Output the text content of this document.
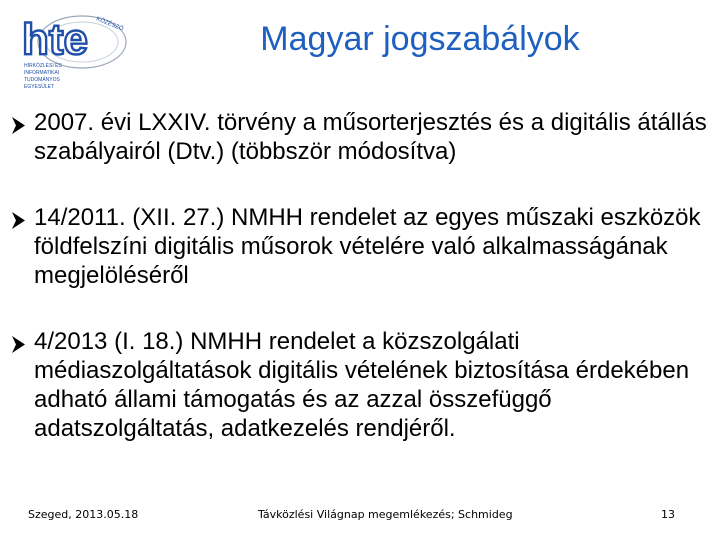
hte KÖZÉSZŐ
HÍRKÖZLÉSI ÉS
INFORMATIKAI
TUDOMÁNYOS
EGYESÜLET
Magyar jogszabályok
2007. évi LXXIV. törvény a műsorterjesztés és a digitális átállás szabályairól (Dtv.) (többször módosítva)
14/2011. (XII. 27.) NMHH rendelet az egyes műszaki eszközök földfelszíni digitális műsorok vételére való alkalmasságának megjelöléséről
4/2013 (I. 18.) NMHH rendelet a közszolgálati médiaszolgáltatások digitális vételének biztosítása érdekében adható állami támogatás és az azzal összefüggő adatszolgáltatás, adatkezelés rendjéről.
Szeged, 2013.05.18	Távközlési Világnap megemlékezés; Schmideg	13
